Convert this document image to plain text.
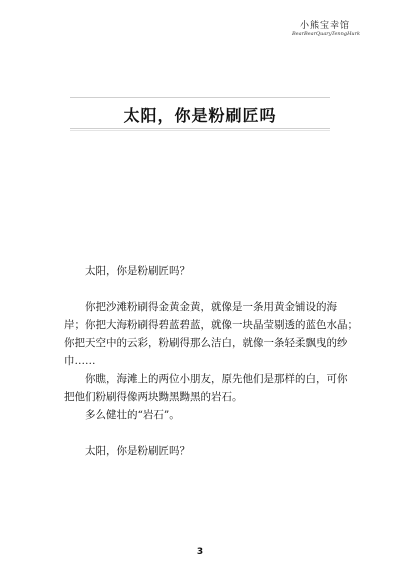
小熊宝幸馆
BearBearQuaryTenngHurk
太阳，你是粉刷匠吗

太阳，你是粉刷匠吗？

你把沙滩粉刷得金黄金黄，就像是一条用黄金铺设的海

岸；你把大海粉刷得碧蓝碧蓝，就像一块晶莹剔透的蓝色水晶；

你把天空中的云彩，粉刷得那么洁白，就像一条轻柔飘曳的纱

巾……

你瞧，海滩上的两位小朋友，原先他们是那样的白，可你

把他们粉刷得像两块黝黑黝黑的岩石。

多么健壮的“岩石”。

太阳，你是粉刷匠吗？

3
